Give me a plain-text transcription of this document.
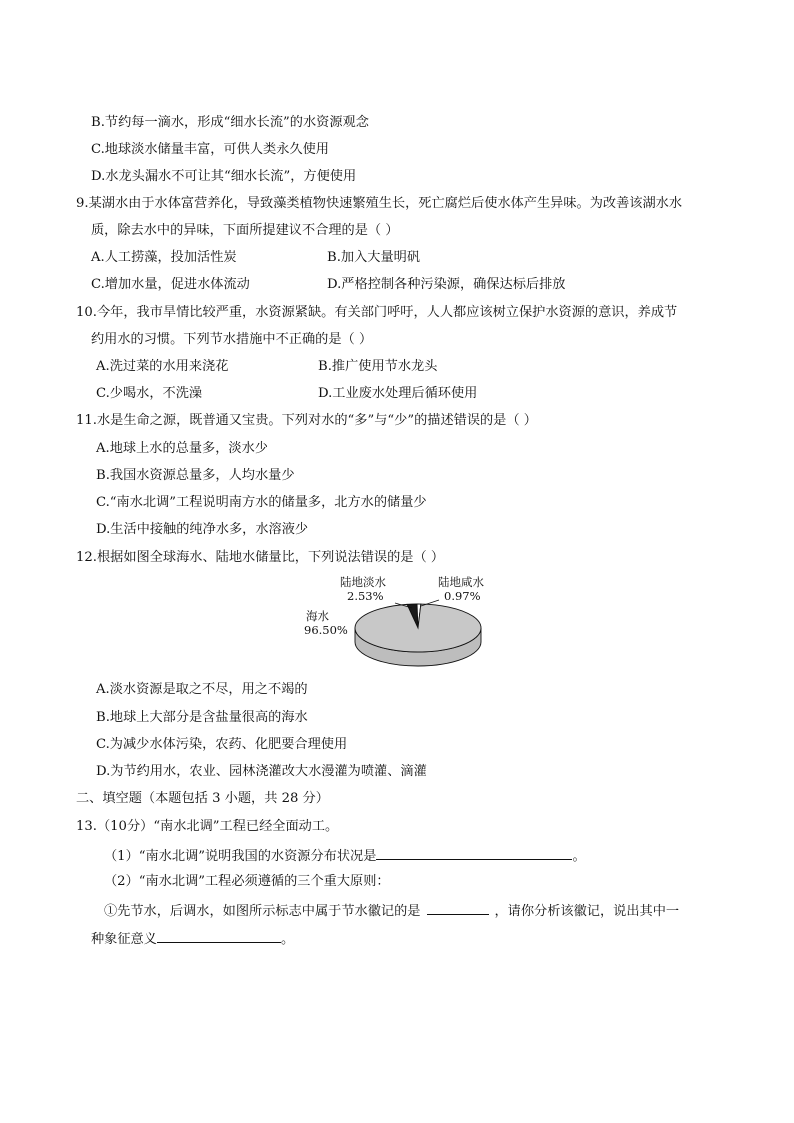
B.节约每一滴水，形成“细水长流”的水资源观念
C.地球淡水储量丰富，可供人类永久使用
D.水龙头漏水不可让其“细水长流”，方便使用
9.某湖水由于水体富营养化，导致藻类植物快速繁殖生长，死亡腐烂后使水体产生异味。为改善该湖水水
质，除去水中的异味，下面所提建议不合理的是（ ）
A.人工捞藻，投加活性炭	B.加入大量明矾
C.增加水量，促进水体流动	D.严格控制各种污染源，确保达标后排放
10.今年，我市旱情比较严重，水资源紧缺。有关部门呼吁，人人都应该树立保护水资源的意识，养成节
约用水的习惯。下列节水措施中不正确的是（ ）
A.洗过菜的水用来浇花	B.推广使用节水龙头
C.少喝水，不洗澡	D.工业废水处理后循环使用
11.水是生命之源，既普通又宝贵。下列对水的“多”与“少”的描述错误的是（ ）
A.地球上水的总量多，淡水少
B.我国水资源总量多，人均水量少
C.“南水北调”工程说明南方水的储量多，北方水的储量少
D.生活中接触的纯净水多，水溶液少
12.根据如图全球海水、陆地水储量比，下列说法错误的是（ ）
陆地淡水
2.53%
陆地咸水
0.97%
海水
96.50%
A.淡水资源是取之不尽，用之不竭的
B.地球上大部分是含盐量很高的海水
C.为减少水体污染，农药、化肥要合理使用
D.为节约用水，农业、园林浇灌改大水漫灌为喷灌、滴灌
二、填空题（本题包括 3 小题，共 28 分）
13.（10分）“南水北调”工程已经全面动工。
（1）“南水北调”说明我国的水资源分布状况是	。
（2）“南水北调”工程必须遵循的三个重大原则：
①先节水，后调水，如图所示标志中属于节水徽记的是	，请你分析该徽记，说出其中一
种象征意义	。
